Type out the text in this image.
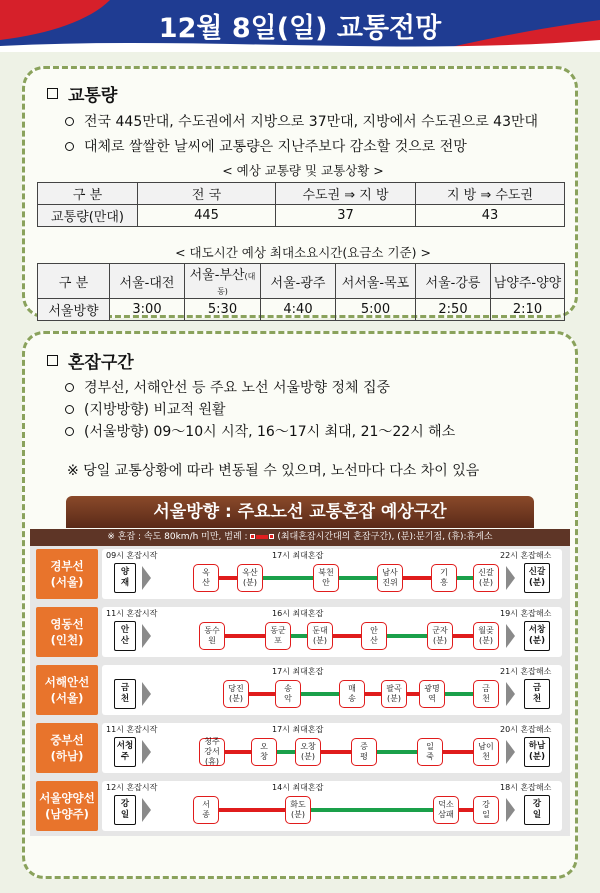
12월 8일(일) 교통전망
교통량
전국 445만대, 수도권에서 지방으로 37만대, 지방에서 수도권으로 43만대
대체로 쌀쌀한 날씨에 교통량은 지난주보다 감소할 것으로 전망
< 예상 교통량 및 교통상황 >
구 분	전 국	수도권 ⇒ 지 방	지 방 ⇒ 수도권
교통량(만대)	445	37	43
< 대도시간 예상 최대소요시간(요금소 기준) >
구 분	서울-대전	서울-부산(대동)	서울-광주	서서울-목포	서울-강릉	남양주-양양
서울방향	3:00	5:30	4:40	5:00	2:50	2:10
혼잡구간
경부선, 서해안선 등 주요 노선 서울방향 정체 집중
(지방방향) 비교적 원활
(서울방향) 09～10시 시작, 16～17시 최대, 21～22시 해소
※ 당일 교통상황에 따라 변동될 수 있으며, 노선마다 다소 차이 있음
서울방향 : 주요노선 교통혼잡 예상구간
※ 혼잡 : 속도 80km/h 미만, 범례 :	(최대혼잡시간대의 혼잡구간), (분):분기점, (휴):휴게소
경부선
(서울)
09시 혼잡시작
양
재
17시 최대혼잡
옥
산
옥산
(분)
북천
안
남사
진위
기
흥
신갈
(분)
22시 혼잡해소
신갈
(분)
영동선
(인천)
11시 혼잡시작
안
산
16시 최대혼잡
동수
원
동군
포
둔대
(분)
안
산
군자
(분)
월곶
(분)
19시 혼잡해소
서창
(분)
서해안선
(서울)
금
천
17시 최대혼잡
당진
(분)
송
악
매
송
팔곡
(분)
광명
역
금
천
21시 혼잡해소
금
천
중부선
(하남)
11시 혼잡시작
서청
주
17시 최대혼잡
청주
강서(휴)
오
창
오창
(분)
증
평
일
죽
남이
천
20시 혼잡해소
하남
(분)
서울양양선
(남양주)
12시 혼잡시작
강
일
14시 최대혼잡
서
종
화도
(분)
덕소
삼패
강
일
18시 혼잡해소
강
일
